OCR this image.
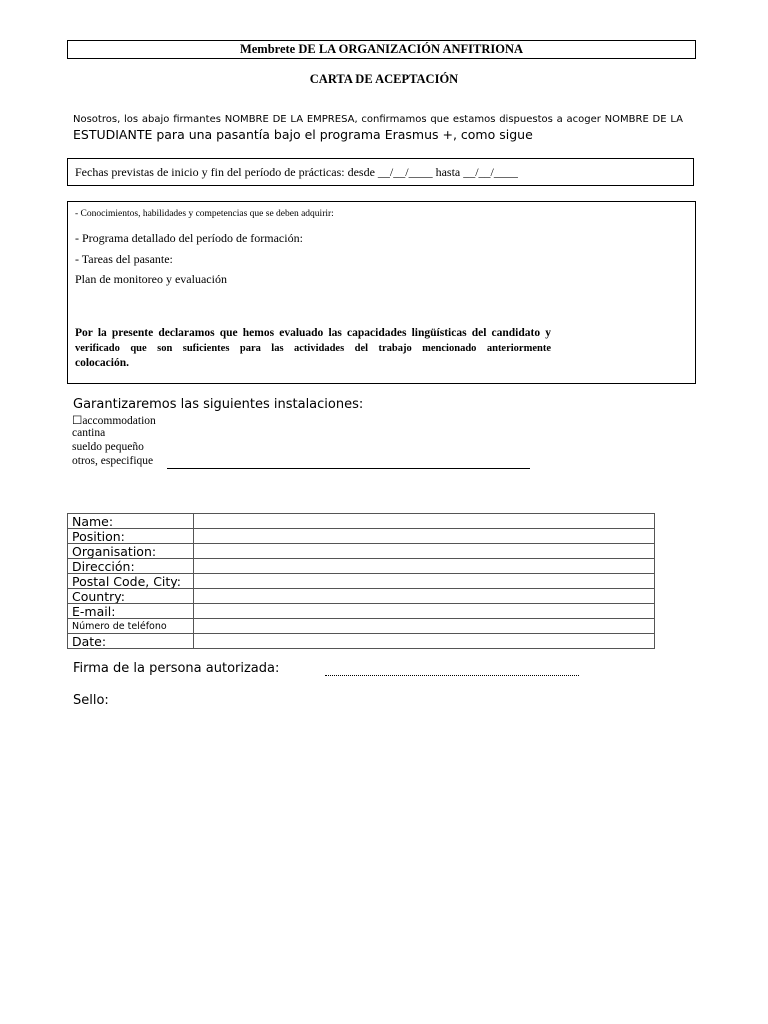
Membrete DE LA ORGANIZACIÓN ANFITRIONA
CARTA DE ACEPTACIÓN
Nosotros, los abajo firmantes NOMBRE DE LA EMPRESA, confirmamos que estamos dispuestos a acoger NOMBRE DE LA
ESTUDIANTE para una pasantía bajo el programa Erasmus +, como sigue
Fechas previstas de inicio y fin del período de prácticas: desde __/__/____ hasta __/__/____
- Conocimientos, habilidades y competencias que se deben adquirir:
- Programa detallado del período de formación:
- Tareas del pasante:
Plan de monitoreo y evaluación
Por la presente declaramos que hemos evaluado las capacidades lingüísticas del candidato y
verificado que son suficientes para las actividades del trabajo mencionado anteriormente
colocación.
Garantizaremos las siguientes instalaciones:
☐accommodation
cantina
sueldo pequeño
otros, especifique
Name:	
Position:	
Organisation:	
Dirección:	
Postal Code, City:	
Country:	
E-mail:	
Número de teléfono	
Date:	
Firma de la persona autorizada:
Sello:
